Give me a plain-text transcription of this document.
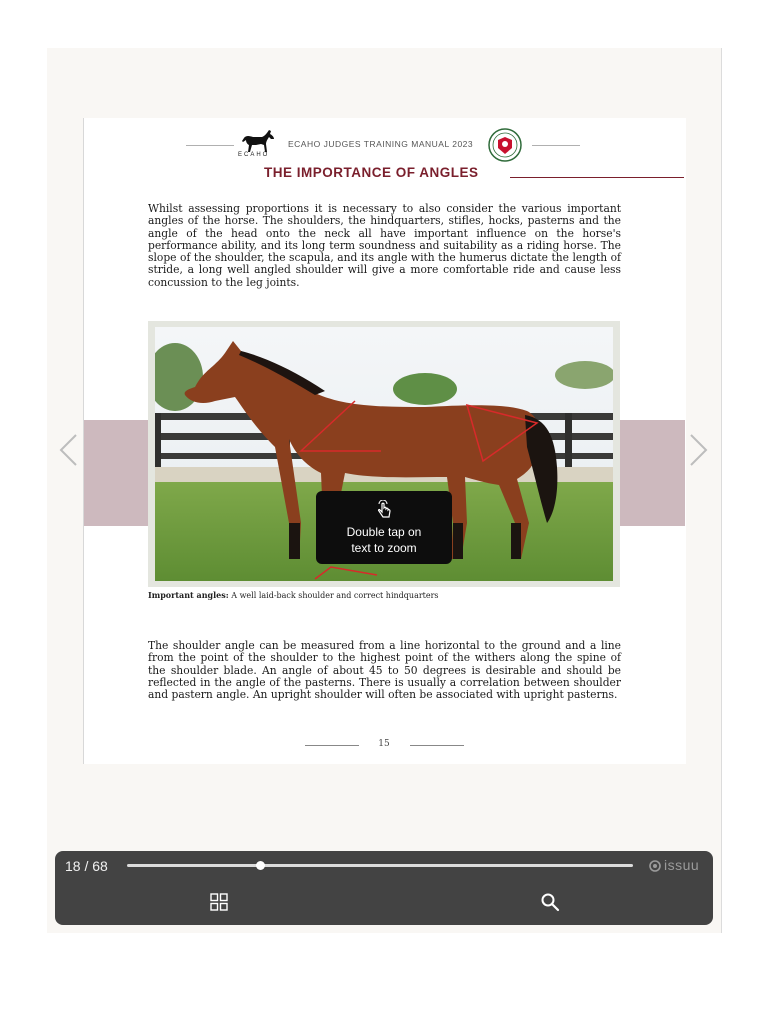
ECAHO
ECAHO JUDGES TRAINING MANUAL 2023
THE IMPORTANCE OF ANGLES
Whilst assessing proportions it is necessary to also consider the various important angles of the horse. The shoulders, the hindquarters, stifles, hocks, pasterns and the angle of the head onto the neck all have important influence on the horse's performance ability, and its long term soundness and suitability as a riding horse. The slope of the shoulder, the scapula, and its angle with the humerus dictate the length of stride, a long well angled shoulder will give a more comfortable ride and cause less concussion to the leg joints.
Important angles: A well laid-back shoulder and correct hindquarters
Double tap on
text to zoom
The shoulder angle can be measured from a line horizontal to the ground and a line from the point of the shoulder to the highest point of the withers along the spine of the shoulder blade. An angle of about 45 to 50 degrees is desirable and should be reflected in the angle of the pasterns. There is usually a correlation between shoulder and pastern angle. An upright shoulder will often be associated with upright pasterns.
15
18 / 68	issuu
